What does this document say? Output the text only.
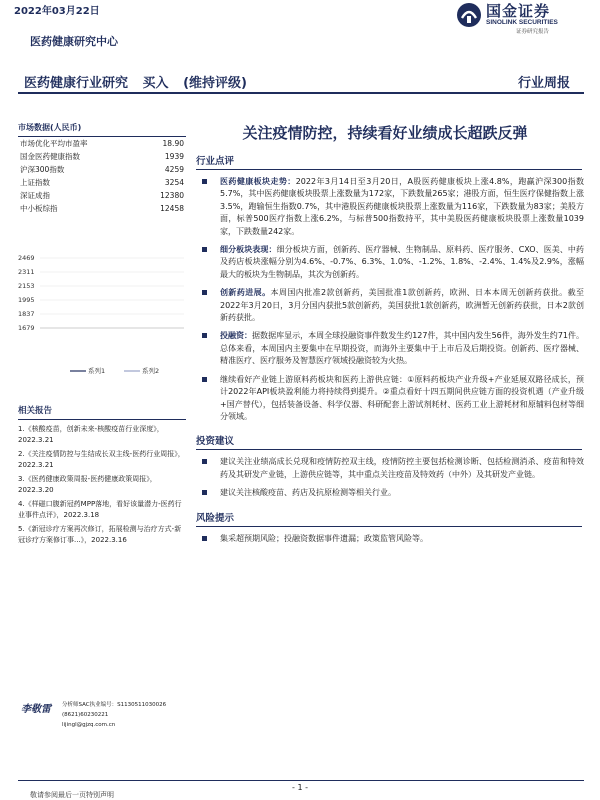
2022年03月22日
医药健康研究中心
国金证券
SINOLINK SECURITIES
证券研究报告
医药健康行业研究 买入 (维持评级)	行业周报
市场数据(人民币)
市场优化平均市盈率	18.90
国金医药健康指数	1939
沪深300指数	4259
上证指数	3254
深证成指	12380
中小板综指	12458
2469
2311
2153
1995
1837
1679
系列1	系列2
相关报告
1.《核酸疫苗，创新未来-核酸疫苗行业深度》，2022.3.21
2.《关注疫情防控与生结成长双主线-医药行业周报》，2022.3.21
3.《医药健康政策周报-医药健康政策周报》，2022.3.20
4.《样磁口腹新冠药MPP落地，看好该量潜力-医药行业事件点评》，2022.3.18
5.《新冠诊疗方案再次修订，拓展检测与治疗方式-新冠诊疗方案修订事...》，2022.3.16
李敬雷 分析师SAC执业编号：S1130511030026
(8621)60230221
lijingl@gjzq.com.cn
关注疫情防控，持续看好业绩成长超跌反弹
行业点评
医药健康板块走势：2022年3月14日至3月20日，A股医药健康板块上涨4.8%，跑赢沪深300指数5.7%，其中医药健康板块股票上涨数量为172家，下跌数量265家；港股方面，恒生医疗保健指数上涨3.5%，跑输恒生指数0.7%，其中港股医药健康板块股票上涨数量为116家，下跌数量为83家；美股方面，标普500医疗指数上涨6.2%，与标普500指数持平，其中美股医药健康板块股票上涨数量1039家，下跌数量242家。
细分板块表现：细分板块方面，创新药、医疗器械、生物制品、原料药、医疗服务、CXO、医美、中药及药店板块涨幅分别为4.6%、-0.7%、6.3%、1.0%、-1.2%、1.8%、-2.4%、1.4%及2.9%，涨幅最大的板块为生物制品，其次为创新药。
创新药进展。本周国内批准2款创新药，美国批准1款创新药，欧洲、日本本周无创新药获批。截至2022年3月20日，3月分国内获批5款创新药，美国获批1款创新药，欧洲暂无创新药获批，日本2款创新药获批。
投融资：据数据库显示，本周全球投融资事件数发生约127件，其中国内发生56件，海外发生约71件。总体来看，本周国内主要集中在早期投资，而海外主要集中于上市后及后期投资。创新药、医疗器械、精准医疗、医疗服务及智慧医疗领域投融资较为火热。
继续看好产业链上游原料药板块和医药上游供应链：①原料药板块产业升级+产业延展双路径成长，预计2022年API板块盈利能力将持续得到提升。②重点看好十四五期间供应链方面的投资机遇（产业升级+国产替代），包括装备设备、科学仪器、科研配套上游试剂耗材、医药工业上游耗材和原辅料包材等细分领域。
投资建议
建议关注业绩高成长兑现和疫情防控双主线，疫情防控主要包括检测诊断、包括检测消杀、疫苗和特效药及其研发产业链，上游供应链等，其中重点关注疫苗及特效药（中外）及其研发产业链。
建议关注核酸疫苗、药店及抗原检测等相关行业。
风险提示
集采超预期风险；投融资数据事件遗漏；政策监管风险等。
- 1 -
敬请参阅最后一页特别声明
